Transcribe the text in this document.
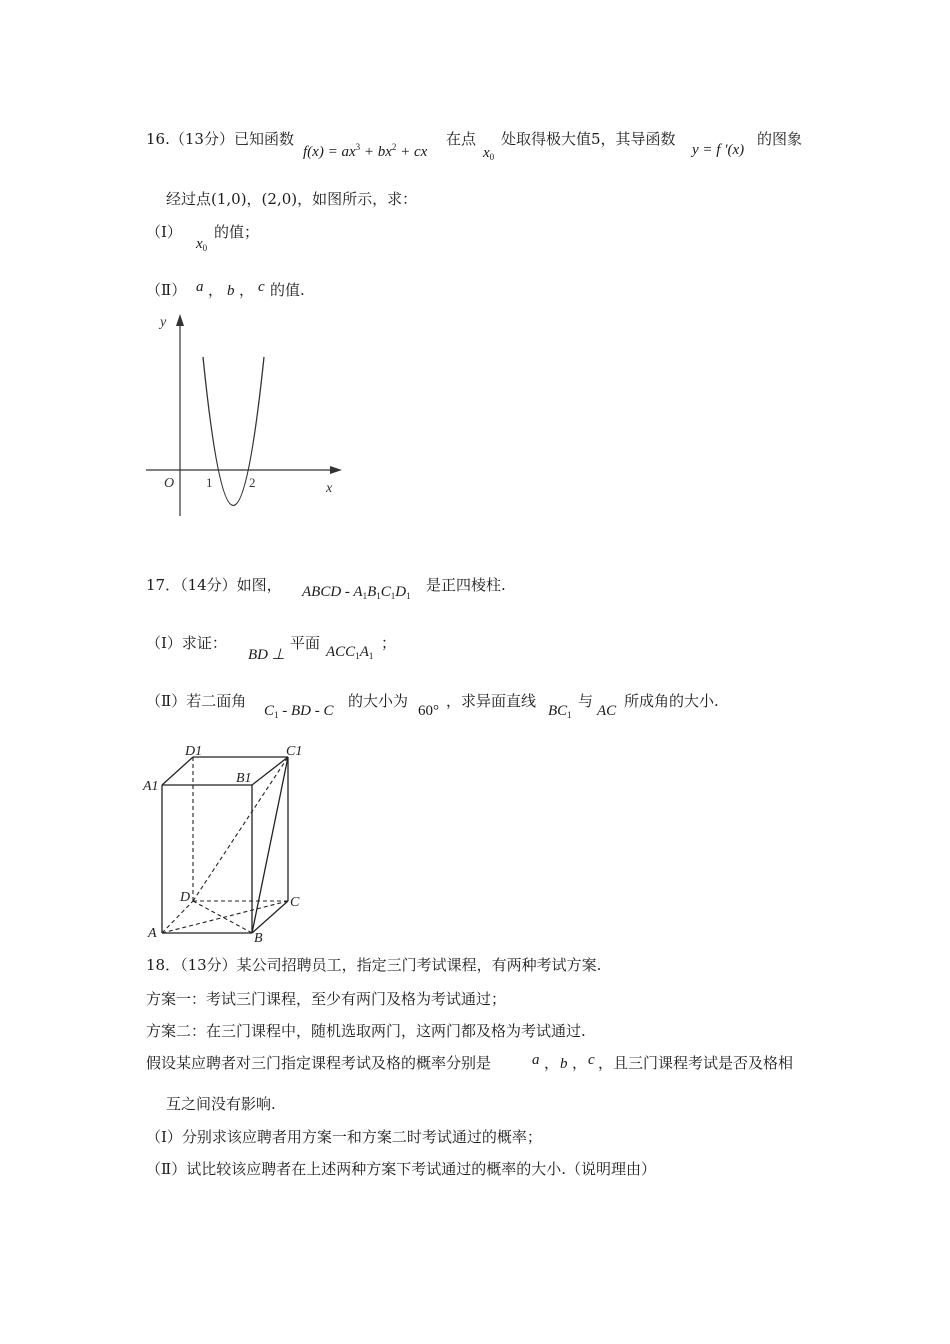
16.（13分）已知函数
$f(x) = ax^3 + bx^2$ + cx
在点
$x_0$
处取得极大值5，其导函数
y = f ′(x)
的图象
经过点(1,0)，(2,0)，如图所示，求：
（Ⅰ）
$x_0$
的值；
（Ⅱ） a ， b ， c 的值.
y
x
O 1	2
17．（14分）如图， ABCD - $A_1B_1C_1D_1$
是正四棱柱.
（Ⅰ）求证：
BD ⊥
平面 $ACC_1A_1$
；
（Ⅱ）若二面角
$C_1$ - BD - C
的大小为
60°
，求异面直线
$BC_1$
与
AC
所成角的大小.
D1	C1
A1
B1
D	C
A	B
18．（13分）某公司招聘员工，指定三门考试课程，有两种考试方案.
方案一：考试三门课程，至少有两门及格为考试通过；
方案二：在三门课程中，随机选取两门，这两门都及格为考试通过.
假设某应聘者对三门指定课程考试及格的概率分别是	a ， b ， c ，且三门课程考试是否及格相
互之间没有影响.
（Ⅰ）分别求该应聘者用方案一和方案二时考试通过的概率；
（Ⅱ）试比较该应聘者在上述两种方案下考试通过的概率的大小.（说明理由）
